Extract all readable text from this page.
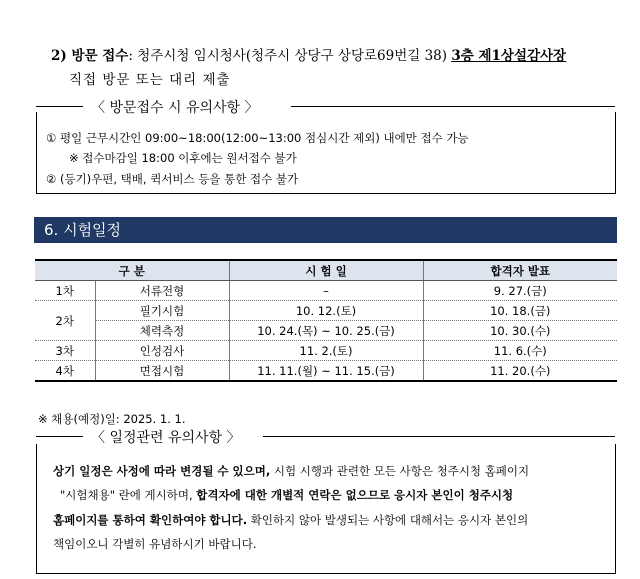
2) 방문 접수: 청주시청 임시청사(청주시 상당구 상당로69번길 38) 3층 제1상설감사장
직접 방문 또는 대리 제출
〈 방문접수 시 유의사항 〉
① 평일 근무시간인 09:00~18:00(12:00~13:00 점심시간 제외) 내에만 접수 가능
※ 접수마감일 18:00 이후에는 원서접수 불가
② (등기)우편, 택배, 퀵서비스 등을 통한 접수 불가
6. 시험일정
구 분		시 험 일	합격자 발표
1차	서류전형	–	9. 27.(금)
2차	필기시험	10. 12.(토)	10. 18.(금)
	체력측정	10. 24.(목) ~ 10. 25.(금)	10. 30.(수)
3차	인성검사	11. 2.(토)	11. 6.(수)
4차	면접시험	11. 11.(월) ~ 11. 15.(금)	11. 20.(수)
※ 채용(예정)일: 2025. 1. 1.
〈 일정관련 유의사항 〉
상기 일정은 사정에 따라 변경될 수 있으며, 시험 시행과 관련한 모든 사항은 청주시청 홈페이지
"시험채용" 란에 게시하며, 합격자에 대한 개별적 연락은 없으므로 응시자 본인이 청주시청
홈페이지를 통하여 확인하여야 합니다. 확인하지 않아 발생되는 사항에 대해서는 응시자 본인의
책임이오니 각별히 유념하시기 바랍니다.
